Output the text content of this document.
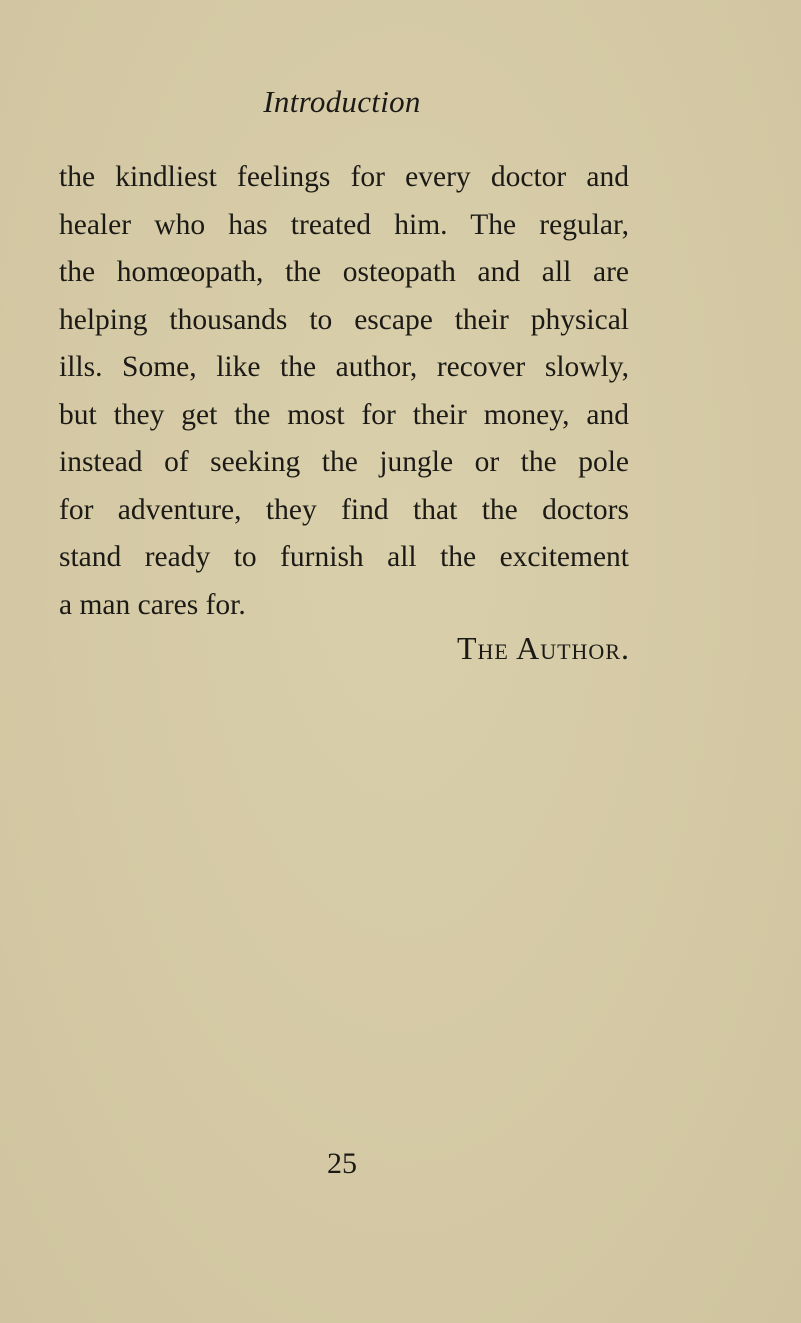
Introduction
the kindliest feelings for every doctor and
healer who has treated him. The regular,
the homœopath, the osteopath and all are
helping thousands to escape their physical
ills. Some, like the author, recover slowly,
but they get the most for their money, and
instead of seeking the jungle or the pole
for adventure, they find that the doctors
stand ready to furnish all the excitement
a man cares for.
The Author.
25
